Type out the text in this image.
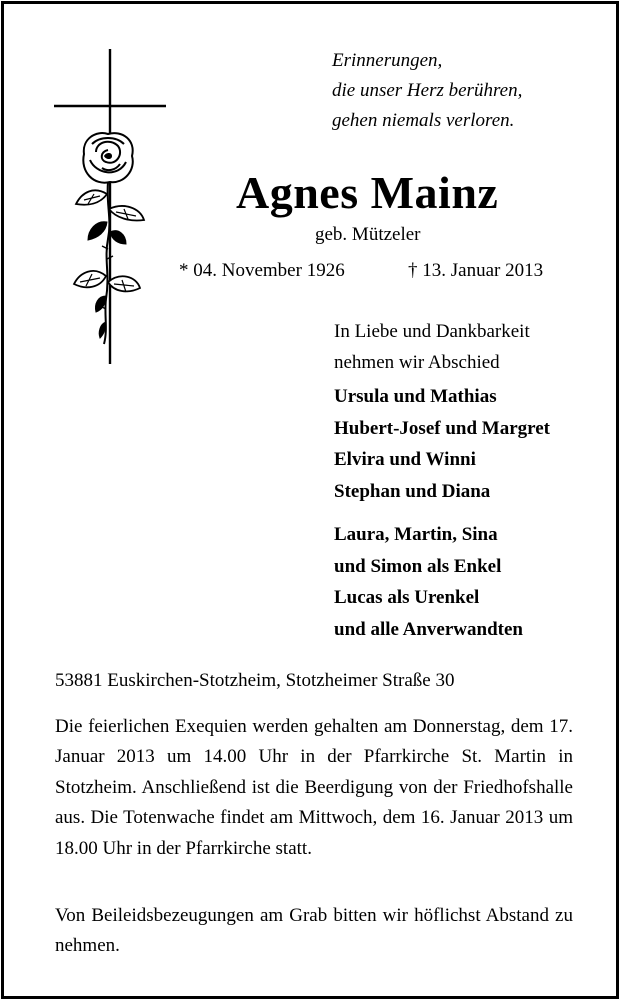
Erinnerungen,
die unser Herz berühren,
gehen niemals verloren.
Agnes Mainz
geb. Mützeler
* 04. November 1926	† 13. Januar 2013
In Liebe und Dankbarkeit
nehmen wir Abschied
Ursula und Mathias
Hubert-Josef und Margret
Elvira und Winni
Stephan und Diana
Laura, Martin, Sina
und Simon als Enkel
Lucas als Urenkel
und alle Anverwandten
53881 Euskirchen-Stotzheim, Stotzheimer Straße 30
Die feierlichen Exequien werden gehalten am Donnerstag, dem 17. Januar 2013 um 14.00 Uhr in der Pfarrkirche St. Martin in Stotzheim. Anschließend ist die Beerdigung von der Friedhofshalle aus. Die Totenwache findet am Mittwoch, dem 16. Januar 2013 um 18.00 Uhr in der Pfarrkirche statt.
Von Beileidsbezeugungen am Grab bitten wir höflichst Abstand zu nehmen.
